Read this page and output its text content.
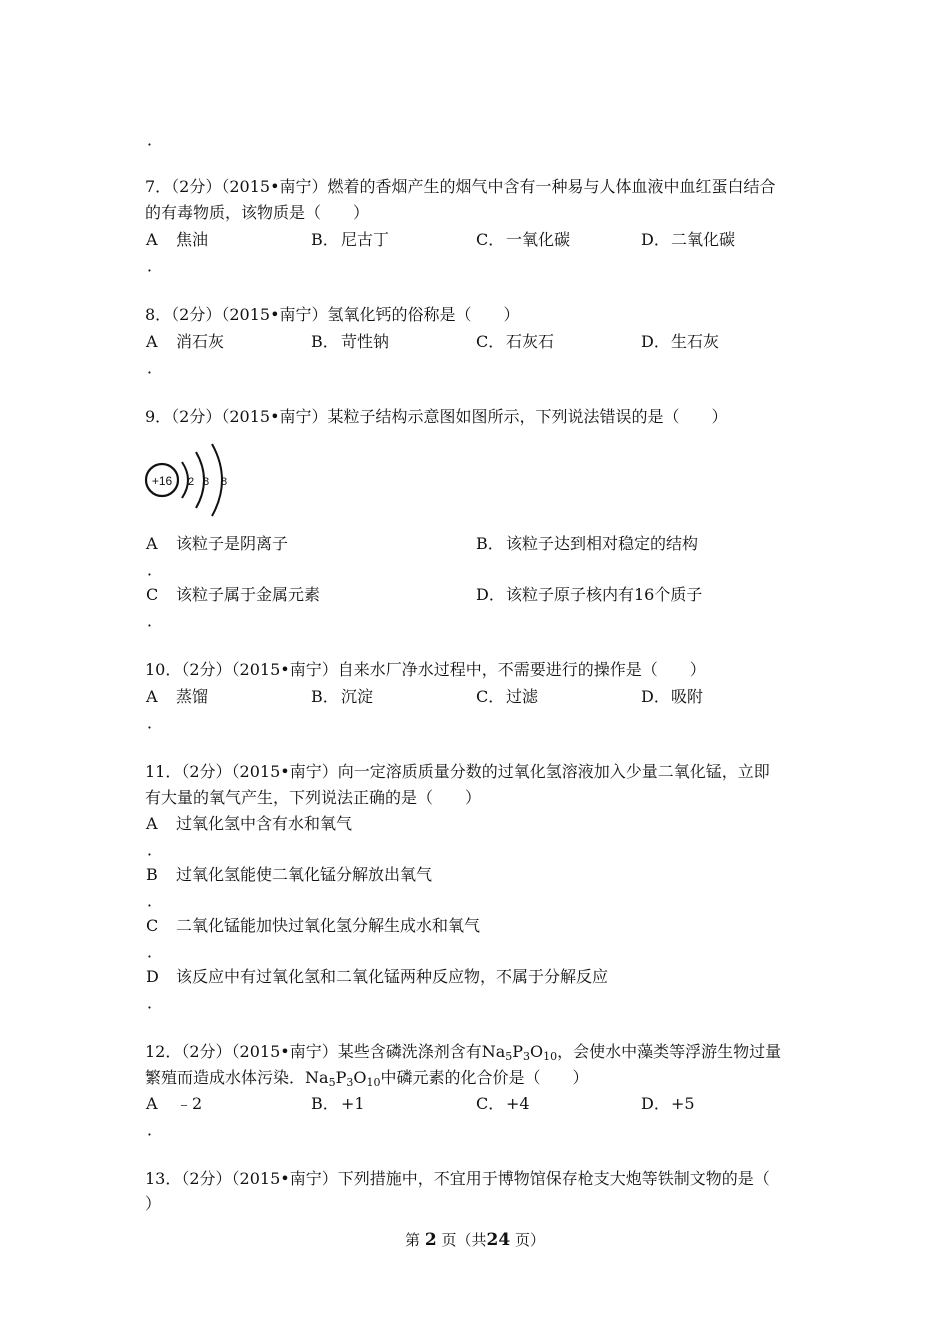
．
7．（2分）（2015•南宁）燃着的香烟产生的烟气中含有一种易与人体血液中血红蛋白结合
的有毒物质，该物质是（　　）
A 焦油	B． 尼古丁	C． 一氧化碳	D．二氧化碳
．
8．（2分）（2015•南宁）氢氧化钙的俗称是（　　）
A 消石灰	B． 苛性钠	C． 石灰石	D．生石灰
．
9．（2分）（2015•南宁）某粒子结构示意图如图所示，下列说法错误的是（　　）
+16 2 8 8
A 该粒子是阴离子	B． 该粒子达到相对稳定的结构
．
C 该粒子属于金属元素	D．该粒子原子核内有16个质子
．
10．（2分）（2015•南宁）自来水厂净水过程中，不需要进行的操作是（　　）
A 蒸馏	B． 沉淀	C． 过滤	D．吸附
．
11．（2分）（2015•南宁）向一定溶质质量分数的过氧化氢溶液加入少量二氧化锰，立即
有大量的氧气产生，下列说法正确的是（　　）
A 过氧化氢中含有水和氧气
．
B 过氧化氢能使二氧化锰分解放出氧气
．
C 二氧化锰能加快过氧化氢分解生成水和氧气
．
D 该反应中有过氧化氢和二氧化锰两种反应物，不属于分解反应
．
12．（2分）（2015•南宁）某些含磷洗涤剂含有$Na_5P_3O_{10}$，会使水中藻类等浮游生物过量
繁殖而造成水体污染．$Na_5P_3O_{10}$中磷元素的化合价是（　　）
A ﹣2	B． +1	C． +4	D．+5
．
13．（2分）（2015•南宁）下列措施中，不宜用于博物馆保存枪支大炮等铁制文物的是（
）
第 2 页（共24 页）
